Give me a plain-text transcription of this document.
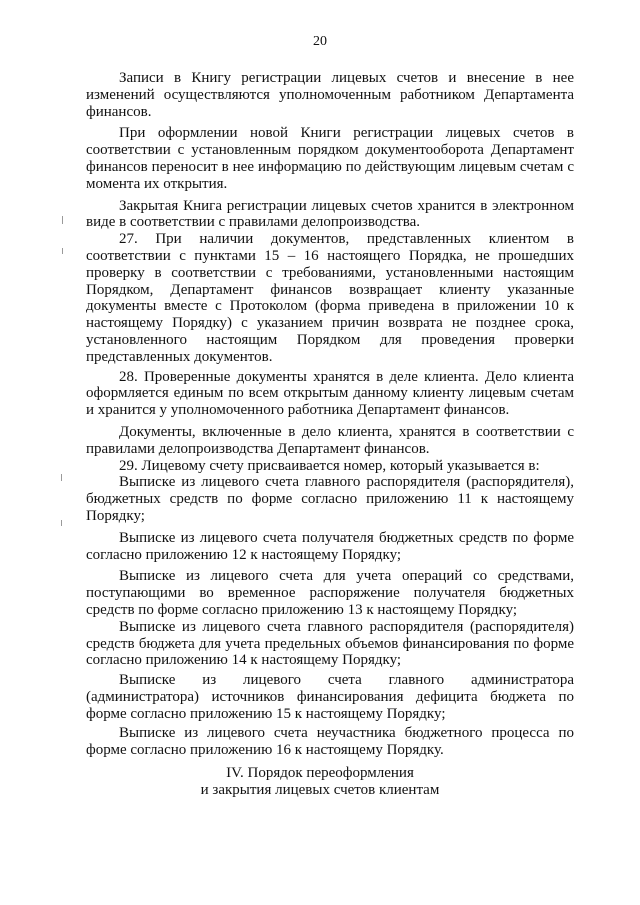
20

Записи в Книгу регистрации лицевых счетов и внесение в нее изменений осуществляются уполномоченным работником Департамента финансов.

При оформлении новой Книги регистрации лицевых счетов в соответствии с установленным порядком документооборота Департамент финансов переносит в нее информацию по действующим лицевым счетам с момента их открытия.

Закрытая Книга регистрации лицевых счетов хранится в электронном виде в соответствии с правилами делопроизводства.

27. При наличии документов, представленных клиентом в соответствии с пунктами 15 – 16 настоящего Порядка, не прошедших проверку в соответствии с требованиями, установленными настоящим Порядком, Департамент финансов возвращает клиенту указанные документы вместе с Протоколом (форма приведена в приложении 10 к настоящему Порядку) с указанием причин возврата не позднее срока, установленного настоящим Порядком для проведения проверки представленных документов.

28. Проверенные документы хранятся в деле клиента. Дело клиента оформляется единым по всем открытым данному клиенту лицевым счетам и хранится у уполномоченного работника Департамент финансов.

Документы, включенные в дело клиента, хранятся в соответствии с правилами делопроизводства Департамент финансов.

29. Лицевому счету присваивается номер, который указывается в:

Выписке из лицевого счета главного распорядителя (распорядителя), бюджетных средств по форме согласно приложению 11 к настоящему Порядку;

Выписке из лицевого счета получателя бюджетных средств по форме согласно приложению 12 к настоящему Порядку;

Выписке из лицевого счета для учета операций со средствами, поступающими во временное распоряжение получателя бюджетных средств по форме согласно приложению 13 к настоящему Порядку;

Выписке из лицевого счета главного распорядителя (распорядителя) средств бюджета для учета предельных объемов финансирования по форме согласно приложению 14 к настоящему Порядку;

Выписке из лицевого счета главного администратора (администратора) источников финансирования дефицита бюджета по форме согласно приложению 15 к настоящему Порядку;

Выписке из лицевого счета неучастника бюджетного процесса по форме согласно приложению 16 к настоящему Порядку.

IV. Порядок переоформления
и закрытия лицевых счетов клиентам
